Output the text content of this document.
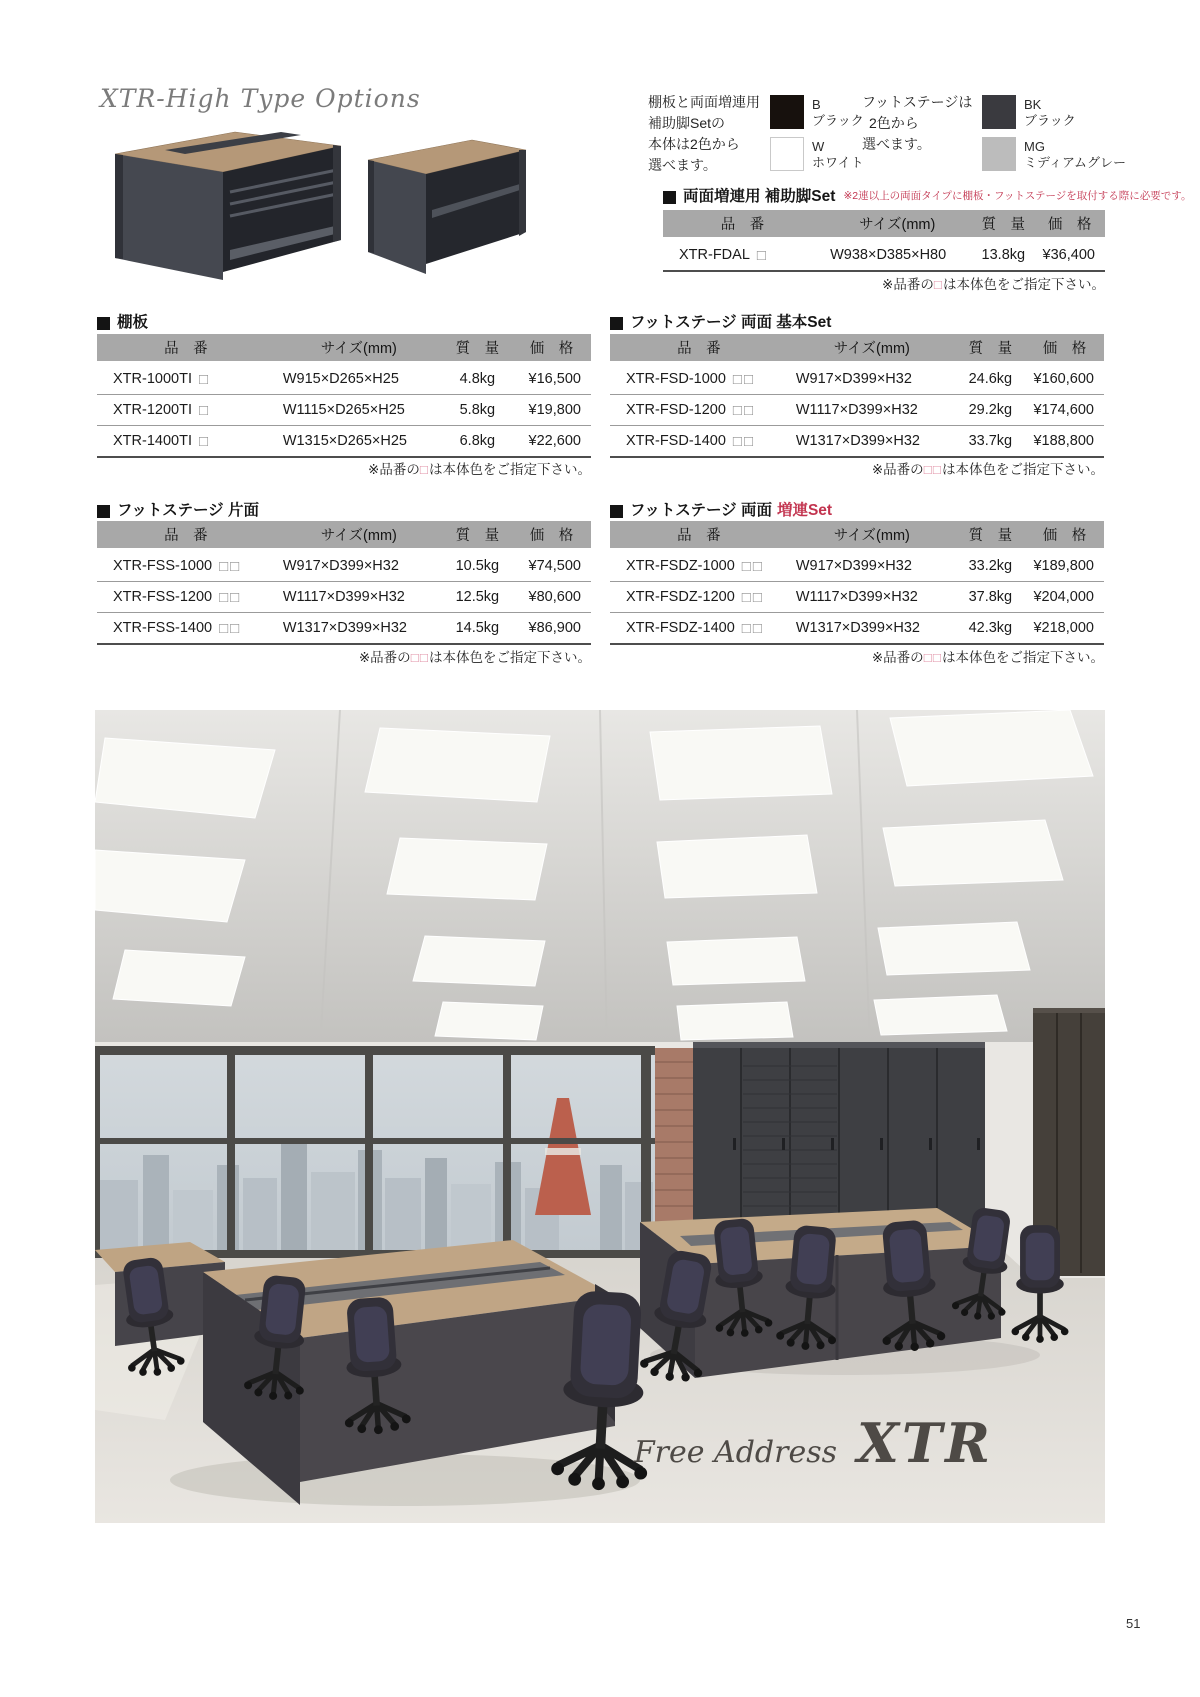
XTR-High Type Options	棚板と両面増連用
補助脚Setの
本体は2色から
選べます。
B
ブラック
W
ホワイト
フットステージは
2色から
選べます。
BK
ブラック
MG
ミディアムグレー
両面増連用 補助脚Set ※2連以上の両面タイプに棚板・フットステージを取付する際に必要です。
品　番	サイズ(mm)	質　量	価　格
XTR-FDAL □	W938×D385×H80	13.8kg	¥36,400
※品番の□は本体色をご指定下さい。
棚板
品　番	サイズ(mm)	質　量	価　格
XTR-1000TI □	W915×D265×H25	4.8kg	¥16,500
XTR-1200TI □	W1115×D265×H25	5.8kg	¥19,800
XTR-1400TI □	W1315×D265×H25	6.8kg	¥22,600
※品番の□は本体色をご指定下さい。
フットステージ 両面 基本Set
品　番	サイズ(mm)	質　量	価　格
XTR-FSD-1000 □□	W917×D399×H32	24.6kg	¥160,600
XTR-FSD-1200 □□	W1117×D399×H32	29.2kg	¥174,600
XTR-FSD-1400 □□	W1317×D399×H32	33.7kg	¥188,800
※品番の□□は本体色をご指定下さい。
フットステージ 片面
品　番	サイズ(mm)	質　量	価　格
XTR-FSS-1000 □□	W917×D399×H32	10.5kg	¥74,500
XTR-FSS-1200 □□	W1117×D399×H32	12.5kg	¥80,600
XTR-FSS-1400 □□	W1317×D399×H32	14.5kg	¥86,900
※品番の□□は本体色をご指定下さい。
フットステージ 両面 増連Set
品　番	サイズ(mm)	質　量	価　格
XTR-FSDZ-1000 □□	W917×D399×H32	33.2kg	¥189,800
XTR-FSDZ-1200 □□	W1117×D399×H32	37.8kg	¥204,000
XTR-FSDZ-1400 □□	W1317×D399×H32	42.3kg	¥218,000
※品番の□□は本体色をご指定下さい。
Free Address XTR
51
